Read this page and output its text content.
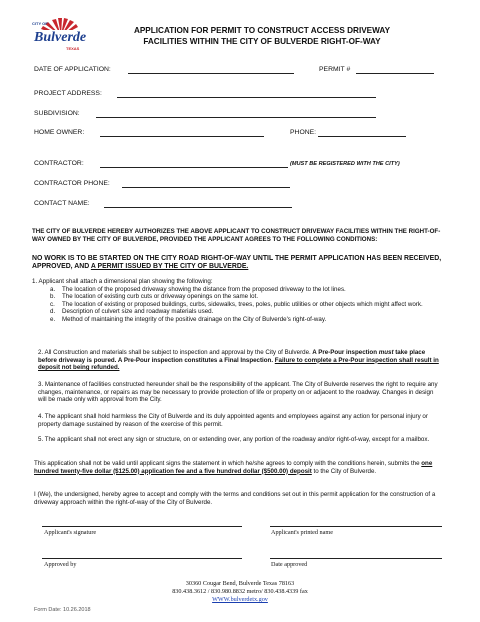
CITY OF
Bulverde
TEXAS
APPLICATION FOR PERMIT TO CONSTRUCT ACCESS DRIVEWAY
FACILITIES WITHIN THE CITY OF BULVERDE RIGHT-OF-WAY
DATE OF APPLICATION:	PERMIT #
PROJECT ADDRESS:
SUBDIVISION:
HOME OWNER:	PHONE:
CONTRACTOR:	(MUST BE REGISTERED WITH THE CITY)
CONTRACTOR PHONE:
CONTACT NAME:
THE CITY OF BULVERDE HEREBY AUTHORIZES THE ABOVE APPLICANT TO CONSTRUCT DRIVEWAY FACILITIES WITHIN THE RIGHT-OF-WAY OWNED BY THE CITY OF BULVERDE, PROVIDED THE APPLICANT AGREES TO THE FOLLOWING CONDITIONS:
NO WORK IS TO BE STARTED ON THE CITY ROAD RIGHT-OF-WAY UNTIL THE PERMIT APPLICATION HAS BEEN RECEIVED, APPROVED, AND A PERMIT ISSUED BY THE CITY OF BULVERDE.
1. Applicant shall attach a dimensional plan showing the following:
a.	The location of the proposed driveway showing the distance from the proposed driveway to the lot lines.
b.	The location of existing curb cuts or driveway openings on the same lot.
c.	The location of existing or proposed buildings, curbs, sidewalks, trees, poles, public utilities or other objects which might affect work.
d.	Description of culvert size and roadway materials used.
e.	Method of maintaining the integrity of the positive drainage on the City of Bulverde's right-of-way.
2. All Construction and materials shall be subject to inspection and approval by the City of Bulverde. A Pre-Pour inspection must take place before driveway is poured. A Pre-Pour inspection constitutes a Final Inspection. Failure to complete a Pre-Pour inspection shall result in deposit not being refunded.
3. Maintenance of facilities constructed hereunder shall be the responsibility of the applicant. The City of Bulverde reserves the right to require any changes, maintenance, or repairs as may be necessary to provide protection of life or property on or adjacent to the roadway. Changes in design will be made only with approval from the City.
4. The applicant shall hold harmless the City of Bulverde and its duly appointed agents and employees against any action for personal injury or property damage sustained by reason of the exercise of this permit.
5. The applicant shall not erect any sign or structure, on or extending over, any portion of the roadway and/or right-of-way, except for a mailbox.
This application shall not be valid until applicant signs the statement in which he/she agrees to comply with the conditions herein, submits the one hundred twenty-five dollar ($125.00) application fee and a five hundred dollar ($500.00) deposit to the City of Bulverde.
I (We), the undersigned, hereby agree to accept and comply with the terms and conditions set out in this permit application for the construction of a driveway approach within the right-of-way of the City of Bulverde.
Applicant's signature	Applicant's printed name
Approved by	Date approved
30360 Cougar Bend, Bulverde Texas 78163
830.438.3612 / 830.980.8832 metro/ 830.438.4339 fax
WWW.bulverdetx.gov
Form Date: 10.26.2018
